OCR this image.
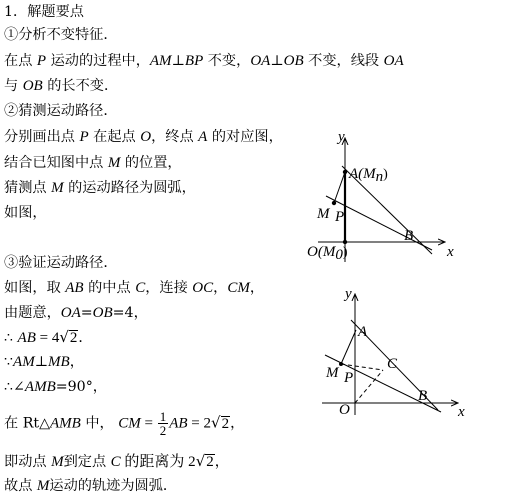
1．解题要点
①分析不变特征．
在点 P 运动的过程中，AM⊥BP 不变，OA⊥OB 不变，线段 OA
与 OB 的长不变．
②猜测运动路径．
分别画出点 P 在起点 O，终点 A 的对应图，
结合已知图中点 M 的位置，
猜测点 M 的运动路径为圆弧，
如图，
③验证运动路径．
如图，取 AB 的中点 C，连接 OC，CM，
由题意，OA=OB=4，
∴ AB = 4√2．
∵AM⊥MB，
∴∠AMB=90°，
在 Rt△AMB 中， CM = $\frac{1}{2}$ AB = 2√2，
即动点 M到定点 C 的距离为 2√2，
故点 M运动的轨迹为圆弧．
y
x
A(Mn)
M P
B
O(M0)
y
x
A
M P
C
B
O
